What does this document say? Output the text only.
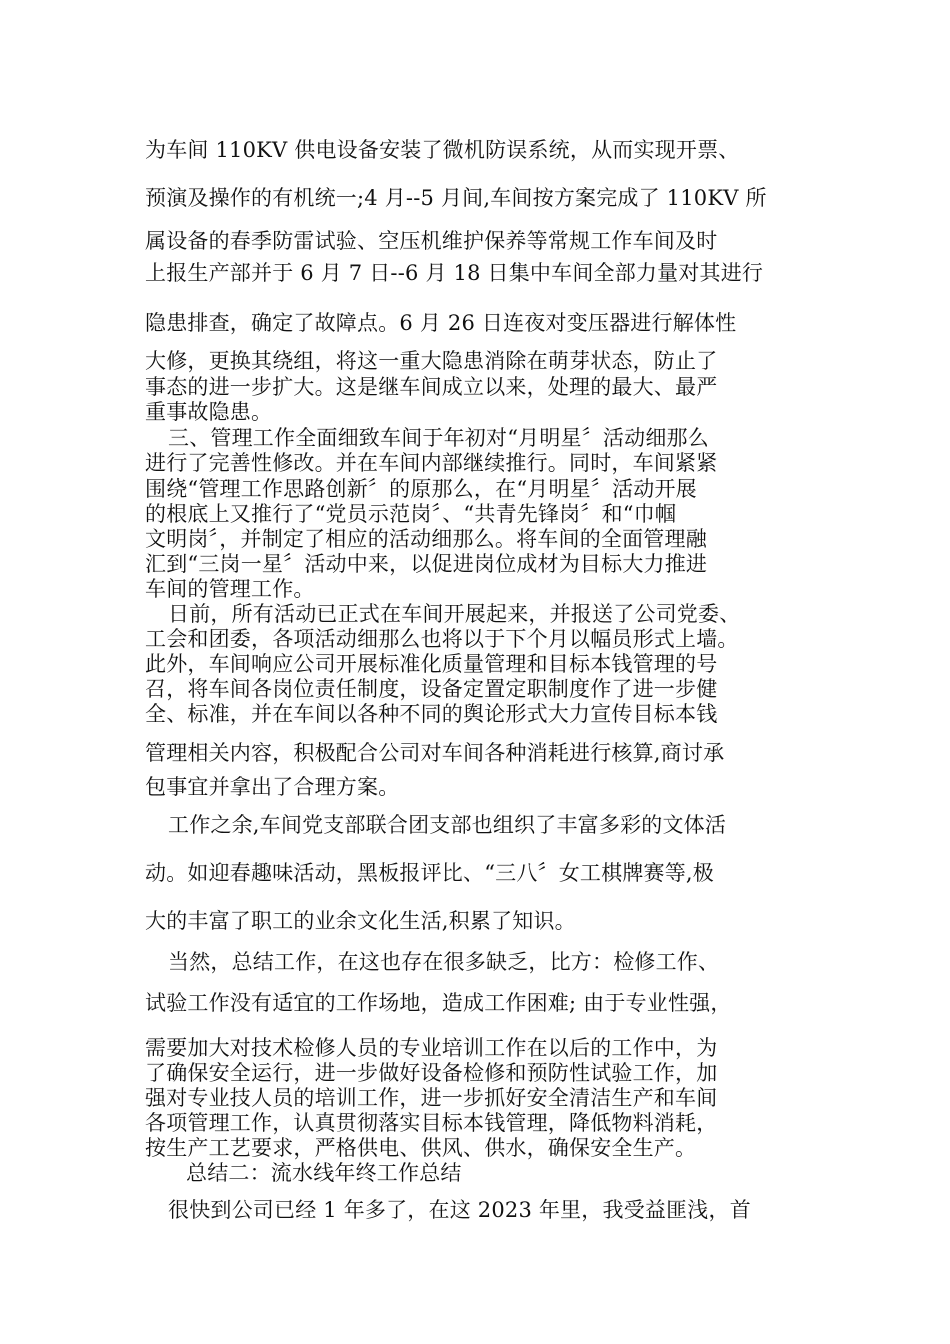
为车间 110KV 供电设备安装了微机防误系统，从而实现开票、
预演及操作的有机统一;4 月--5 月间,车间按方案完成了 110KV 所
属设备的春季防雷试验、空压机维护保养等常规工作车间及时
上报生产部并于 6 月 7 日--6 月 18 日集中车间全部力量对其进行
隐患排查，确定了故障点。6 月 26 日连夜对变压器进行解体性
大修，更换其绕组，将这一重大隐患消除在萌芽状态，防止了
事态的进一步扩大。这是继车间成立以来，处理的最大、最严
重事故隐患。
三、管理工作全面细致车间于年初对“月明星〞活动细那么
进行了完善性修改。并在车间内部继续推行。同时，车间紧紧
围绕“管理工作思路创新〞的原那么，在“月明星〞活动开展
的根底上又推行了“党员示范岗〞、“共青先锋岗〞和“巾帼
文明岗〞，并制定了相应的活动细那么。将车间的全面管理融
汇到“三岗一星〞活动中来，以促进岗位成材为目标大力推进
车间的管理工作。
日前，所有活动已正式在车间开展起来，并报送了公司党委、
工会和团委，各项活动细那么也将以于下个月以幅员形式上墙。
此外，车间响应公司开展标准化质量管理和目标本钱管理的号
召，将车间各岗位责任制度，设备定置定职制度作了进一步健
全、标准，并在车间以各种不同的舆论形式大力宣传目标本钱
管理相关内容，积极配合公司对车间各种消耗进行核算,商讨承
包事宜并拿出了合理方案。
工作之余,车间党支部联合团支部也组织了丰富多彩的文体活
动。如迎春趣味活动，黑板报评比、“三八〞女工棋牌赛等,极
大的丰富了职工的业余文化生活,积累了知识。
当然，总结工作，在这也存在很多缺乏，比方：检修工作、
试验工作没有适宜的工作场地，造成工作困难; 由于专业性强，
需要加大对技术检修人员的专业培训工作在以后的工作中，为
了确保安全运行，进一步做好设备检修和预防性试验工作，加
强对专业技人员的培训工作，进一步抓好安全清洁生产和车间
各项管理工作，认真贯彻落实目标本钱管理，降低物料消耗，
按生产工艺要求，严格供电、供风、供水，确保安全生产。
总结二：流水线年终工作总结
很快到公司已经 1 年多了，在这 2023 年里，我受益匪浅，首
